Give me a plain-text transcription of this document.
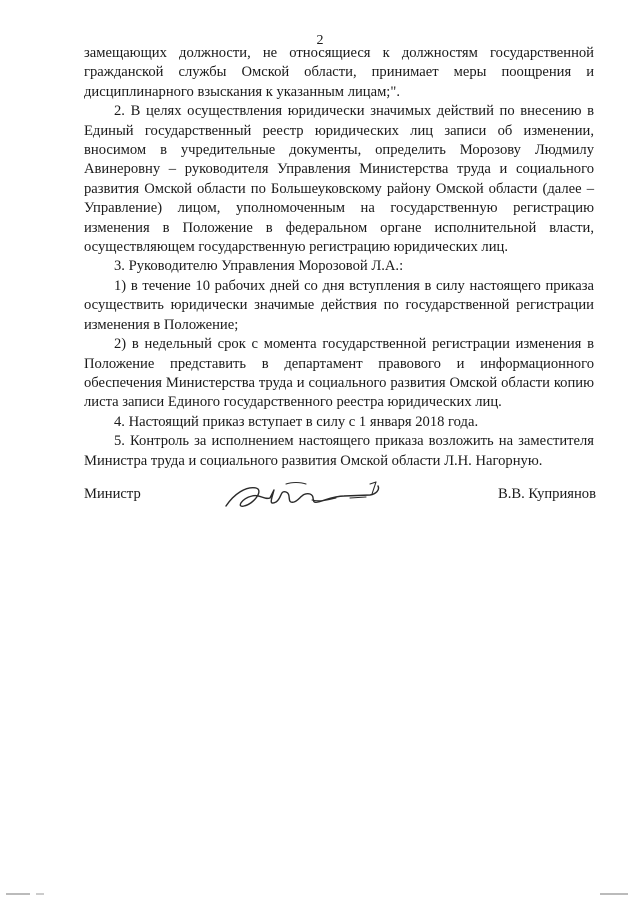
2

замещающих должности, не относящиеся к должностям государственной гражданской службы Омской области, принимает меры поощрения и дисциплинарного взыскания к указанным лицам;".

2. В целях осуществления юридически значимых действий по внесению в Единый государственный реестр юридических лиц записи об изменении, вносимом в учредительные документы, определить Морозову Людмилу Авинеровну – руководителя Управления Министерства труда и социального развития Омской области по Большеуковскому району Омской области (далее – Управление) лицом, уполномоченным на государственную регистрацию изменения в Положение в федеральном органе исполнительной власти, осуществляющем государственную регистрацию юридических лиц.

3. Руководителю Управления Морозовой Л.А.:

1) в течение 10 рабочих дней со дня вступления в силу настоящего приказа осуществить юридически значимые действия по государственной регистрации изменения в Положение;

2) в недельный срок с момента государственной регистрации изменения в Положение представить в департамент правового и информационного обеспечения Министерства труда и социального развития Омской области копию листа записи Единого государственного реестра юридических лиц.

4. Настоящий приказ вступает в силу с 1 января 2018 года.

5. Контроль за исполнением настоящего приказа возложить на заместителя Министра труда и социального развития Омской области Л.Н. Нагорную.

Министр	В.В. Куприянов
